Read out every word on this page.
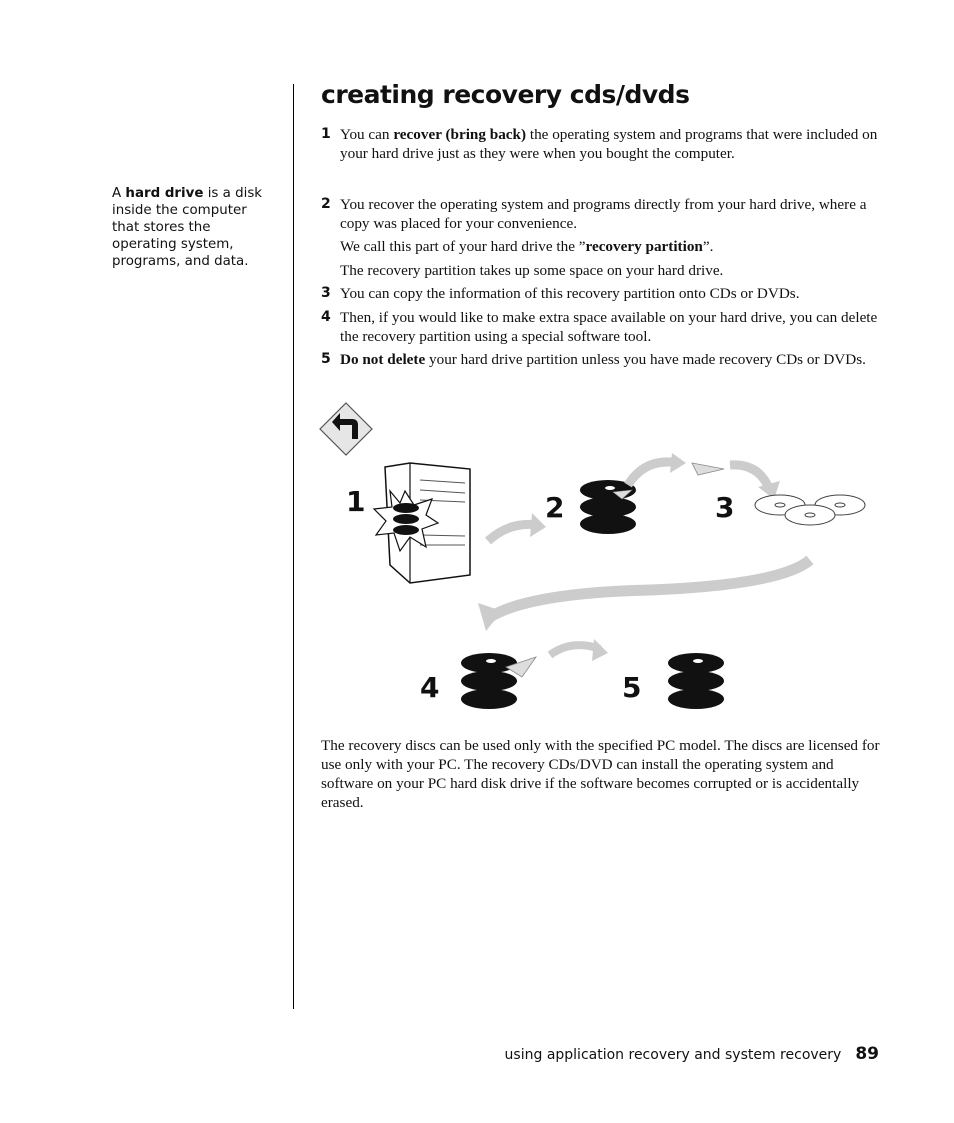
A hard drive is a disk inside the computer that stores the operating system, programs, and data.
creating recovery cds/dvds
1 You can recover (bring back) the operating system and programs that were included on your hard drive just as they were when you bought the computer.
2 You recover the operating system and programs directly from your hard drive, where a copy was placed for your convenience.
We call this part of your hard drive the ”recovery partition”.
The recovery partition takes up some space on your hard drive.
3 You can copy the information of this recovery partition onto CDs or DVDs.
4 Then, if you would like to make extra space available on your hard drive, you can delete the recovery partition using a special software tool.
5 Do not delete your hard drive partition unless you have made recovery CDs or DVDs.
1	2	3
4	5
The recovery discs can be used only with the specified PC model. The discs are licensed for use only with your PC. The recovery CDs/DVD can install the operating system and software on your PC hard disk drive if the software becomes corrupted or is accidentally erased.
using application recovery and system recovery 89
